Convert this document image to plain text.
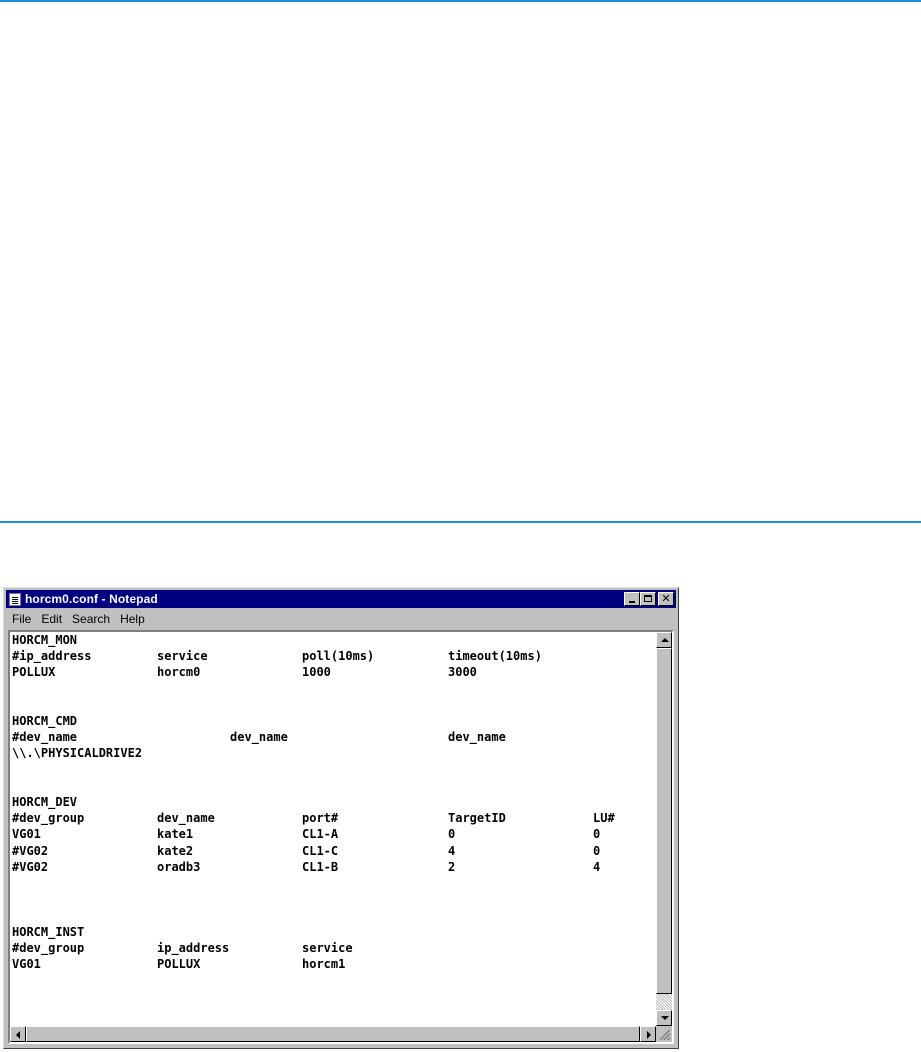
horcm0.conf - Notepad	✕
File Edit Search Help
HORCM_MON
#ip_address	service	poll(10ms)	timeout(10ms)
POLLUX	horcm0	1000	3000
HORCM_CMD
#dev_name	dev_name	dev_name
\\.\PHYSICALDRIVE2
HORCM_DEV
#dev_group	dev_name	port#	TargetID	LU#
VG01	kate1	CL1-A	0	0
#VG02	kate2	CL1-C	4	0
#VG02	oradb3	CL1-B	2	4
HORCM_INST
#dev_group	ip_address	service
VG01	POLLUX	horcm1
